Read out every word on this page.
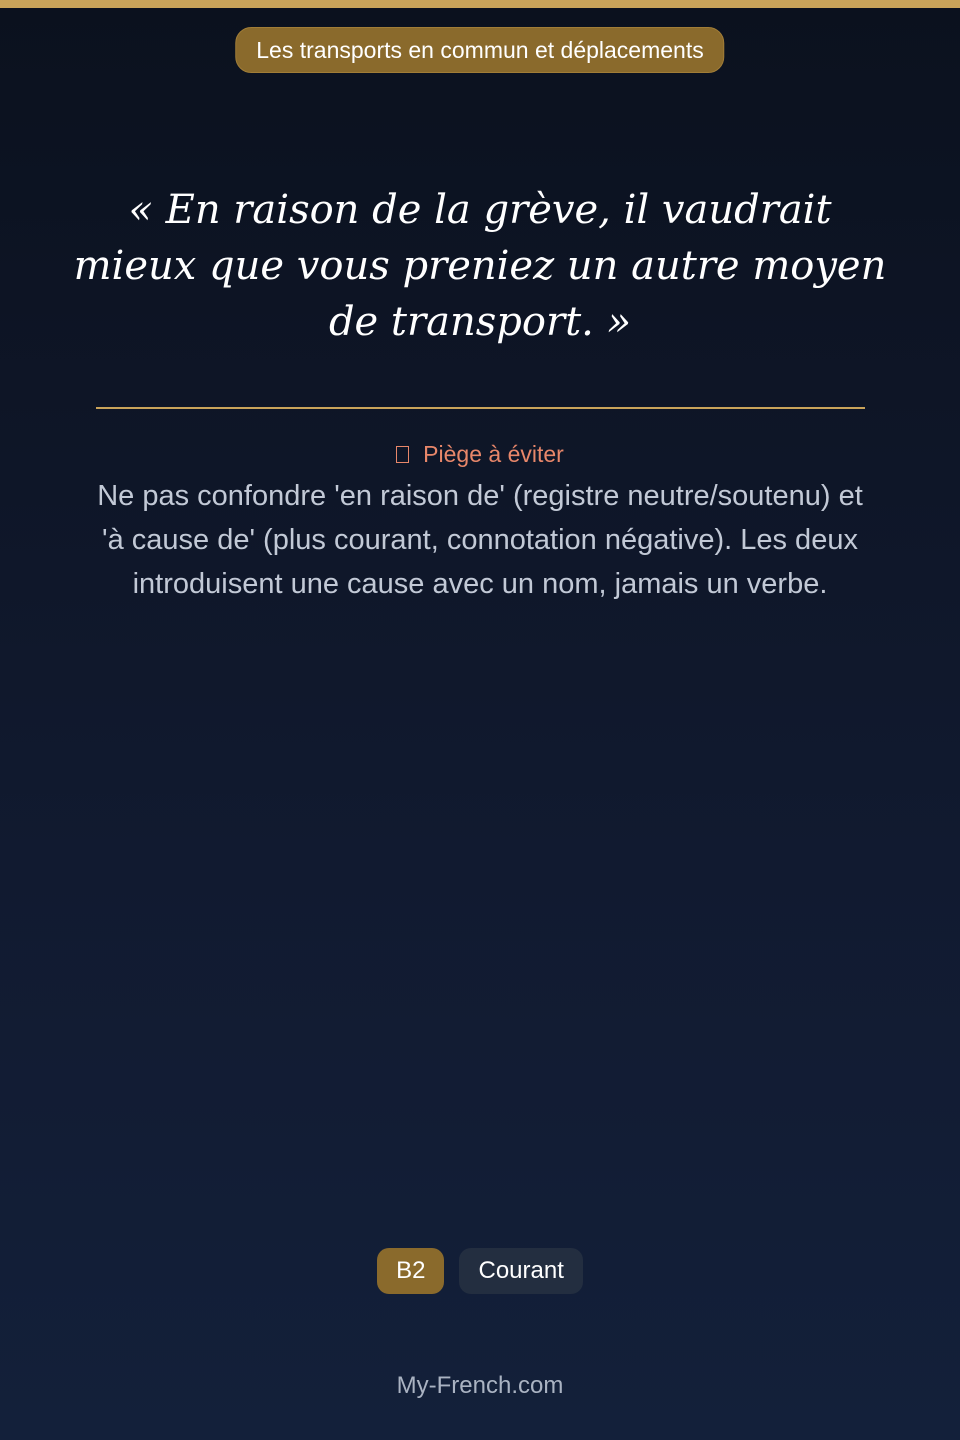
Les transports en commun et déplacements

« En raison de la grève, il vaudrait mieux que vous preniez un autre moyen de transport. »

Piège à éviter

Ne pas confondre 'en raison de' (registre neutre/soutenu) et 'à cause de' (plus courant, connotation négative). Les deux introduisent une cause avec un nom, jamais un verbe.

B2	Courant
My-French.com
